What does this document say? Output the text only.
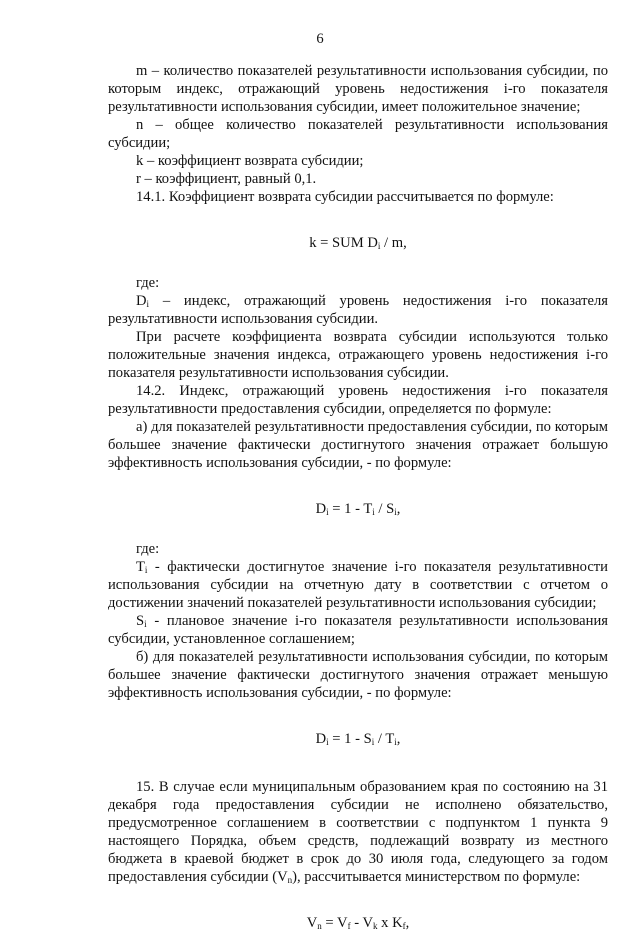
6

m – количество показателей результативности использования субсидии, по которым индекс, отражающий уровень недостижения i-го показателя результативности использования субсидии, имеет положительное значение;

n – общее количество показателей результативности использования субсидии;

k – коэффициент возврата субсидии;

r – коэффициент, равный 0,1.

14.1. Коэффициент возврата субсидии рассчитывается по формуле:

k = SUM $D_i$ / m,

где:

$D_i$ – индекс, отражающий уровень недостижения i-го показателя результативности использования субсидии.

При расчете коэффициента возврата субсидии используются только положительные значения индекса, отражающего уровень недостижения i-го показателя результативности использования субсидии.

14.2. Индекс, отражающий уровень недостижения i-го показателя результативности предоставления субсидии, определяется по формуле:

а) для показателей результативности предоставления субсидии, по которым большее значение фактически достигнутого значения отражает большую эффективность использования субсидии, - по формуле:

$D_i = 1 - T_i / S_i$,

где:

$T_i$ - фактически достигнутое значение i-го показателя результативности использования субсидии на отчетную дату в соответствии с отчетом о достижении значений показателей результативности использования субсидии;

$S_i$ - плановое значение i-го показателя результативности использования субсидии, установленное соглашением;

б) для показателей результативности использования субсидии, по которым большее значение фактически достигнутого значения отражает меньшую эффективность использования субсидии, - по формуле:

$D_i = 1 - S_i / T_i$,

15. В случае если муниципальным образованием края по состоянию на 31 декабря года предоставления субсидии не исполнено обязательство, предусмотренное соглашением в соответствии с подпунктом 1 пункта 9 настоящего Порядка, объем средств, подлежащий возврату из местного бюджета в краевой бюджет в срок до 30 июля года, следующего за годом предоставления субсидии $(V_n)$, рассчитывается министерством по формуле:

$V_n = V_f - V_k$ x $K_f$,
